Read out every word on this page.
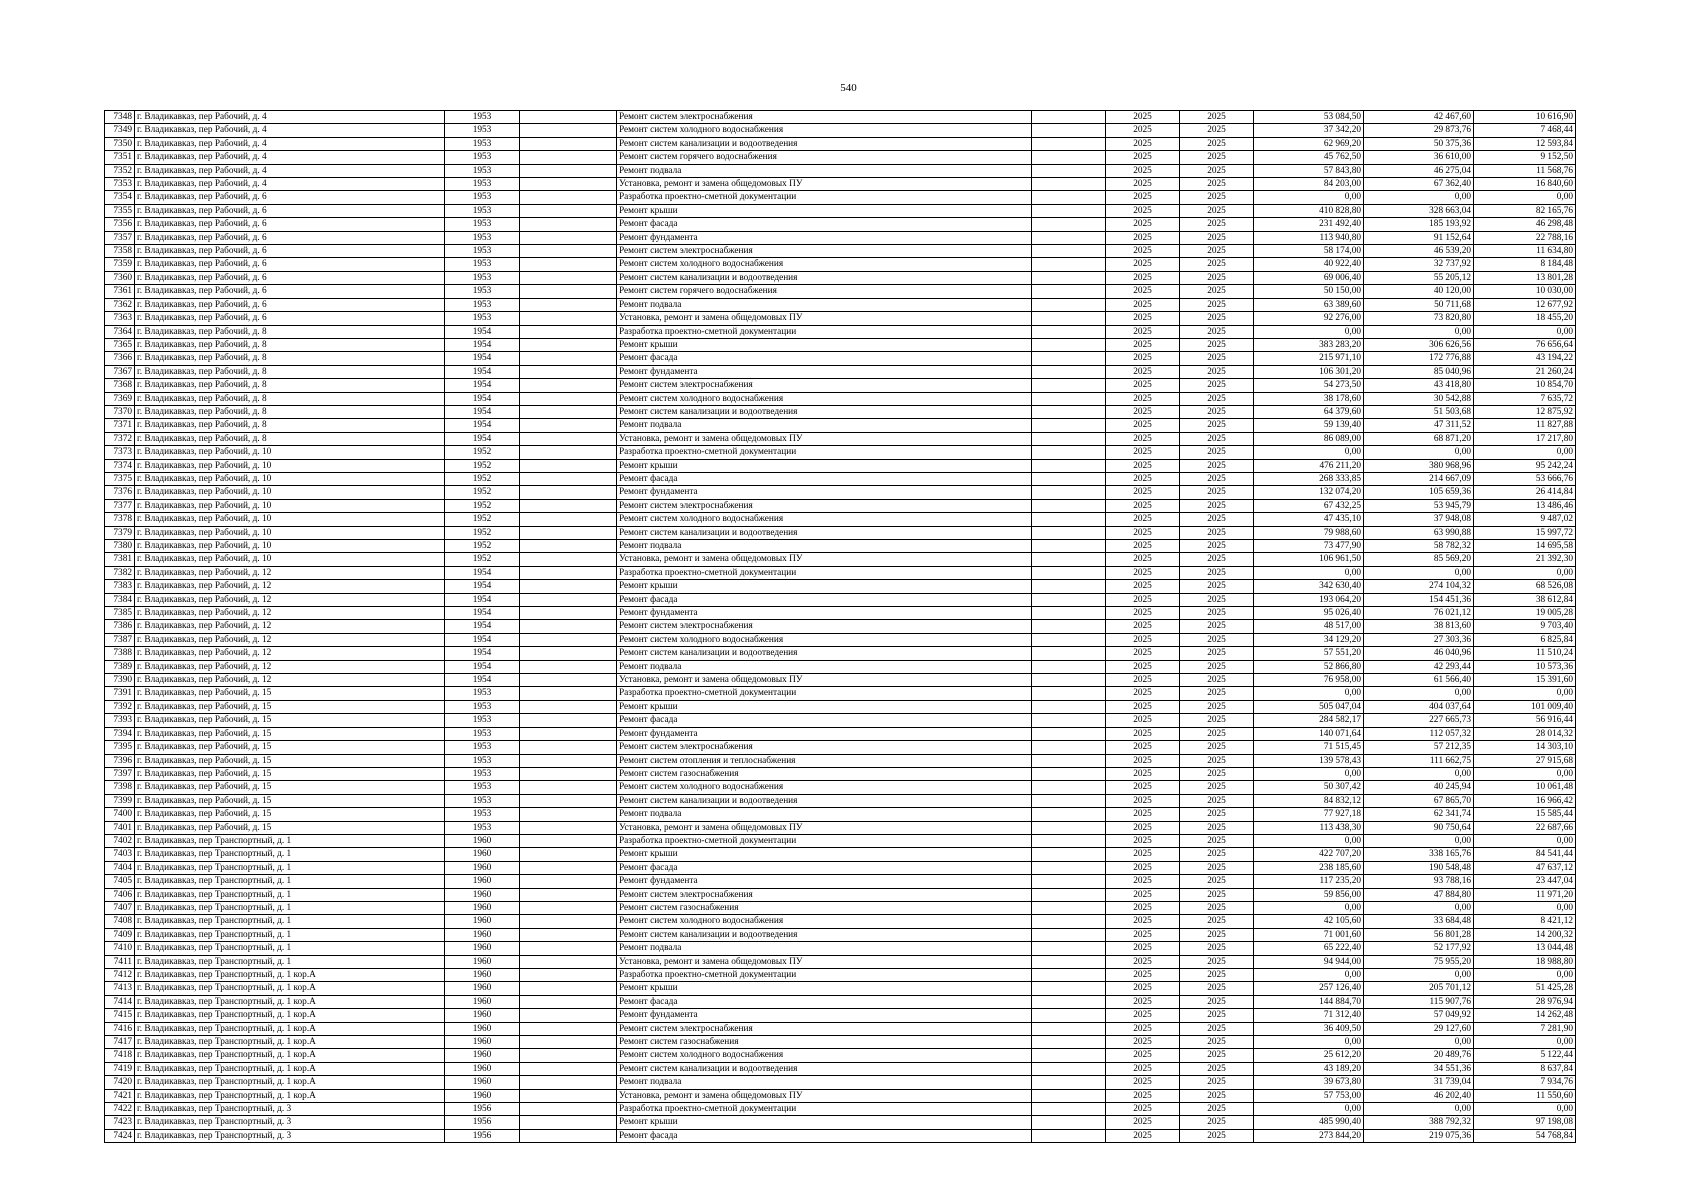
540
7348	г. Владикавказ, пер Рабочий, д. 4	1953		Ремонт систем электроснабжения		2025	2025	53 084,50	42 467,60	10 616,90
7349	г. Владикавказ, пер Рабочий, д. 4	1953		Ремонт систем холодного водоснабжения		2025	2025	37 342,20	29 873,76	7 468,44
7350	г. Владикавказ, пер Рабочий, д. 4	1953		Ремонт систем канализации и водоотведения		2025	2025	62 969,20	50 375,36	12 593,84
7351	г. Владикавказ, пер Рабочий, д. 4	1953		Ремонт систем горячего водоснабжения		2025	2025	45 762,50	36 610,00	9 152,50
7352	г. Владикавказ, пер Рабочий, д. 4	1953		Ремонт подвала		2025	2025	57 843,80	46 275,04	11 568,76
7353	г. Владикавказ, пер Рабочий, д. 4	1953		Установка, ремонт и замена общедомовых ПУ		2025	2025	84 203,00	67 362,40	16 840,60
7354	г. Владикавказ, пер Рабочий, д. 6	1953		Разработка проектно-сметной документации		2025	2025	0,00	0,00	0,00
7355	г. Владикавказ, пер Рабочий, д. 6	1953		Ремонт крыши		2025	2025	410 828,80	328 663,04	82 165,76
7356	г. Владикавказ, пер Рабочий, д. 6	1953		Ремонт фасада		2025	2025	231 492,40	185 193,92	46 298,48
7357	г. Владикавказ, пер Рабочий, д. 6	1953		Ремонт фундамента		2025	2025	113 940,80	91 152,64	22 788,16
7358	г. Владикавказ, пер Рабочий, д. 6	1953		Ремонт систем электроснабжения		2025	2025	58 174,00	46 539,20	11 634,80
7359	г. Владикавказ, пер Рабочий, д. 6	1953		Ремонт систем холодного водоснабжения		2025	2025	40 922,40	32 737,92	8 184,48
7360	г. Владикавказ, пер Рабочий, д. 6	1953		Ремонт систем канализации и водоотведения		2025	2025	69 006,40	55 205,12	13 801,28
7361	г. Владикавказ, пер Рабочий, д. 6	1953		Ремонт систем горячего водоснабжения		2025	2025	50 150,00	40 120,00	10 030,00
7362	г. Владикавказ, пер Рабочий, д. 6	1953		Ремонт подвала		2025	2025	63 389,60	50 711,68	12 677,92
7363	г. Владикавказ, пер Рабочий, д. 6	1953		Установка, ремонт и замена общедомовых ПУ		2025	2025	92 276,00	73 820,80	18 455,20
7364	г. Владикавказ, пер Рабочий, д. 8	1954		Разработка проектно-сметной документации		2025	2025	0,00	0,00	0,00
7365	г. Владикавказ, пер Рабочий, д. 8	1954		Ремонт крыши		2025	2025	383 283,20	306 626,56	76 656,64
7366	г. Владикавказ, пер Рабочий, д. 8	1954		Ремонт фасада		2025	2025	215 971,10	172 776,88	43 194,22
7367	г. Владикавказ, пер Рабочий, д. 8	1954		Ремонт фундамента		2025	2025	106 301,20	85 040,96	21 260,24
7368	г. Владикавказ, пер Рабочий, д. 8	1954		Ремонт систем электроснабжения		2025	2025	54 273,50	43 418,80	10 854,70
7369	г. Владикавказ, пер Рабочий, д. 8	1954		Ремонт систем холодного водоснабжения		2025	2025	38 178,60	30 542,88	7 635,72
7370	г. Владикавказ, пер Рабочий, д. 8	1954		Ремонт систем канализации и водоотведения		2025	2025	64 379,60	51 503,68	12 875,92
7371	г. Владикавказ, пер Рабочий, д. 8	1954		Ремонт подвала		2025	2025	59 139,40	47 311,52	11 827,88
7372	г. Владикавказ, пер Рабочий, д. 8	1954		Установка, ремонт и замена общедомовых ПУ		2025	2025	86 089,00	68 871,20	17 217,80
7373	г. Владикавказ, пер Рабочий, д. 10	1952		Разработка проектно-сметной документации		2025	2025	0,00	0,00	0,00
7374	г. Владикавказ, пер Рабочий, д. 10	1952		Ремонт крыши		2025	2025	476 211,20	380 968,96	95 242,24
7375	г. Владикавказ, пер Рабочий, д. 10	1952		Ремонт фасада		2025	2025	268 333,85	214 667,09	53 666,76
7376	г. Владикавказ, пер Рабочий, д. 10	1952		Ремонт фундамента		2025	2025	132 074,20	105 659,36	26 414,84
7377	г. Владикавказ, пер Рабочий, д. 10	1952		Ремонт систем электроснабжения		2025	2025	67 432,25	53 945,79	13 486,46
7378	г. Владикавказ, пер Рабочий, д. 10	1952		Ремонт систем холодного водоснабжения		2025	2025	47 435,10	37 948,08	9 487,02
7379	г. Владикавказ, пер Рабочий, д. 10	1952		Ремонт систем канализации и водоотведения		2025	2025	79 988,60	63 990,88	15 997,72
7380	г. Владикавказ, пер Рабочий, д. 10	1952		Ремонт подвала		2025	2025	73 477,90	58 782,32	14 695,58
7381	г. Владикавказ, пер Рабочий, д. 10	1952		Установка, ремонт и замена общедомовых ПУ		2025	2025	106 961,50	85 569,20	21 392,30
7382	г. Владикавказ, пер Рабочий, д. 12	1954		Разработка проектно-сметной документации		2025	2025	0,00	0,00	0,00
7383	г. Владикавказ, пер Рабочий, д. 12	1954		Ремонт крыши		2025	2025	342 630,40	274 104,32	68 526,08
7384	г. Владикавказ, пер Рабочий, д. 12	1954		Ремонт фасада		2025	2025	193 064,20	154 451,36	38 612,84
7385	г. Владикавказ, пер Рабочий, д. 12	1954		Ремонт фундамента		2025	2025	95 026,40	76 021,12	19 005,28
7386	г. Владикавказ, пер Рабочий, д. 12	1954		Ремонт систем электроснабжения		2025	2025	48 517,00	38 813,60	9 703,40
7387	г. Владикавказ, пер Рабочий, д. 12	1954		Ремонт систем холодного водоснабжения		2025	2025	34 129,20	27 303,36	6 825,84
7388	г. Владикавказ, пер Рабочий, д. 12	1954		Ремонт систем канализации и водоотведения		2025	2025	57 551,20	46 040,96	11 510,24
7389	г. Владикавказ, пер Рабочий, д. 12	1954		Ремонт подвала		2025	2025	52 866,80	42 293,44	10 573,36
7390	г. Владикавказ, пер Рабочий, д. 12	1954		Установка, ремонт и замена общедомовых ПУ		2025	2025	76 958,00	61 566,40	15 391,60
7391	г. Владикавказ, пер Рабочий, д. 15	1953		Разработка проектно-сметной документации		2025	2025	0,00	0,00	0,00
7392	г. Владикавказ, пер Рабочий, д. 15	1953		Ремонт крыши		2025	2025	505 047,04	404 037,64	101 009,40
7393	г. Владикавказ, пер Рабочий, д. 15	1953		Ремонт фасада		2025	2025	284 582,17	227 665,73	56 916,44
7394	г. Владикавказ, пер Рабочий, д. 15	1953		Ремонт фундамента		2025	2025	140 071,64	112 057,32	28 014,32
7395	г. Владикавказ, пер Рабочий, д. 15	1953		Ремонт систем электроснабжения		2025	2025	71 515,45	57 212,35	14 303,10
7396	г. Владикавказ, пер Рабочий, д. 15	1953		Ремонт систем отопления и теплоснабжения		2025	2025	139 578,43	111 662,75	27 915,68
7397	г. Владикавказ, пер Рабочий, д. 15	1953		Ремонт систем газоснабжения		2025	2025	0,00	0,00	0,00
7398	г. Владикавказ, пер Рабочий, д. 15	1953		Ремонт систем холодного водоснабжения		2025	2025	50 307,42	40 245,94	10 061,48
7399	г. Владикавказ, пер Рабочий, д. 15	1953		Ремонт систем канализации и водоотведения		2025	2025	84 832,12	67 865,70	16 966,42
7400	г. Владикавказ, пер Рабочий, д. 15	1953		Ремонт подвала		2025	2025	77 927,18	62 341,74	15 585,44
7401	г. Владикавказ, пер Рабочий, д. 15	1953		Установка, ремонт и замена общедомовых ПУ		2025	2025	113 438,30	90 750,64	22 687,66
7402	г. Владикавказ, пер Транспортный, д. 1	1960		Разработка проектно-сметной документации		2025	2025	0,00	0,00	0,00
7403	г. Владикавказ, пер Транспортный, д. 1	1960		Ремонт крыши		2025	2025	422 707,20	338 165,76	84 541,44
7404	г. Владикавказ, пер Транспортный, д. 1	1960		Ремонт фасада		2025	2025	238 185,60	190 548,48	47 637,12
7405	г. Владикавказ, пер Транспортный, д. 1	1960		Ремонт фундамента		2025	2025	117 235,20	93 788,16	23 447,04
7406	г. Владикавказ, пер Транспортный, д. 1	1960		Ремонт систем электроснабжения		2025	2025	59 856,00	47 884,80	11 971,20
7407	г. Владикавказ, пер Транспортный, д. 1	1960		Ремонт систем газоснабжения		2025	2025	0,00	0,00	0,00
7408	г. Владикавказ, пер Транспортный, д. 1	1960		Ремонт систем холодного водоснабжения		2025	2025	42 105,60	33 684,48	8 421,12
7409	г. Владикавказ, пер Транспортный, д. 1	1960		Ремонт систем канализации и водоотведения		2025	2025	71 001,60	56 801,28	14 200,32
7410	г. Владикавказ, пер Транспортный, д. 1	1960		Ремонт подвала		2025	2025	65 222,40	52 177,92	13 044,48
7411	г. Владикавказ, пер Транспортный, д. 1	1960		Установка, ремонт и замена общедомовых ПУ		2025	2025	94 944,00	75 955,20	18 988,80
7412	г. Владикавказ, пер Транспортный, д. 1 кор.А	1960		Разработка проектно-сметной документации		2025	2025	0,00	0,00	0,00
7413	г. Владикавказ, пер Транспортный, д. 1 кор.А	1960		Ремонт крыши		2025	2025	257 126,40	205 701,12	51 425,28
7414	г. Владикавказ, пер Транспортный, д. 1 кор.А	1960		Ремонт фасада		2025	2025	144 884,70	115 907,76	28 976,94
7415	г. Владикавказ, пер Транспортный, д. 1 кор.А	1960		Ремонт фундамента		2025	2025	71 312,40	57 049,92	14 262,48
7416	г. Владикавказ, пер Транспортный, д. 1 кор.А	1960		Ремонт систем электроснабжения		2025	2025	36 409,50	29 127,60	7 281,90
7417	г. Владикавказ, пер Транспортный, д. 1 кор.А	1960		Ремонт систем газоснабжения		2025	2025	0,00	0,00	0,00
7418	г. Владикавказ, пер Транспортный, д. 1 кор.А	1960		Ремонт систем холодного водоснабжения		2025	2025	25 612,20	20 489,76	5 122,44
7419	г. Владикавказ, пер Транспортный, д. 1 кор.А	1960		Ремонт систем канализации и водоотведения		2025	2025	43 189,20	34 551,36	8 637,84
7420	г. Владикавказ, пер Транспортный, д. 1 кор.А	1960		Ремонт подвала		2025	2025	39 673,80	31 739,04	7 934,76
7421	г. Владикавказ, пер Транспортный, д. 1 кор.А	1960		Установка, ремонт и замена общедомовых ПУ		2025	2025	57 753,00	46 202,40	11 550,60
7422	г. Владикавказ, пер Транспортный, д. 3	1956		Разработка проектно-сметной документации		2025	2025	0,00	0,00	0,00
7423	г. Владикавказ, пер Транспортный, д. 3	1956		Ремонт крыши		2025	2025	485 990,40	388 792,32	97 198,08
7424	г. Владикавказ, пер Транспортный, д. 3	1956		Ремонт фасада		2025	2025	273 844,20	219 075,36	54 768,84
